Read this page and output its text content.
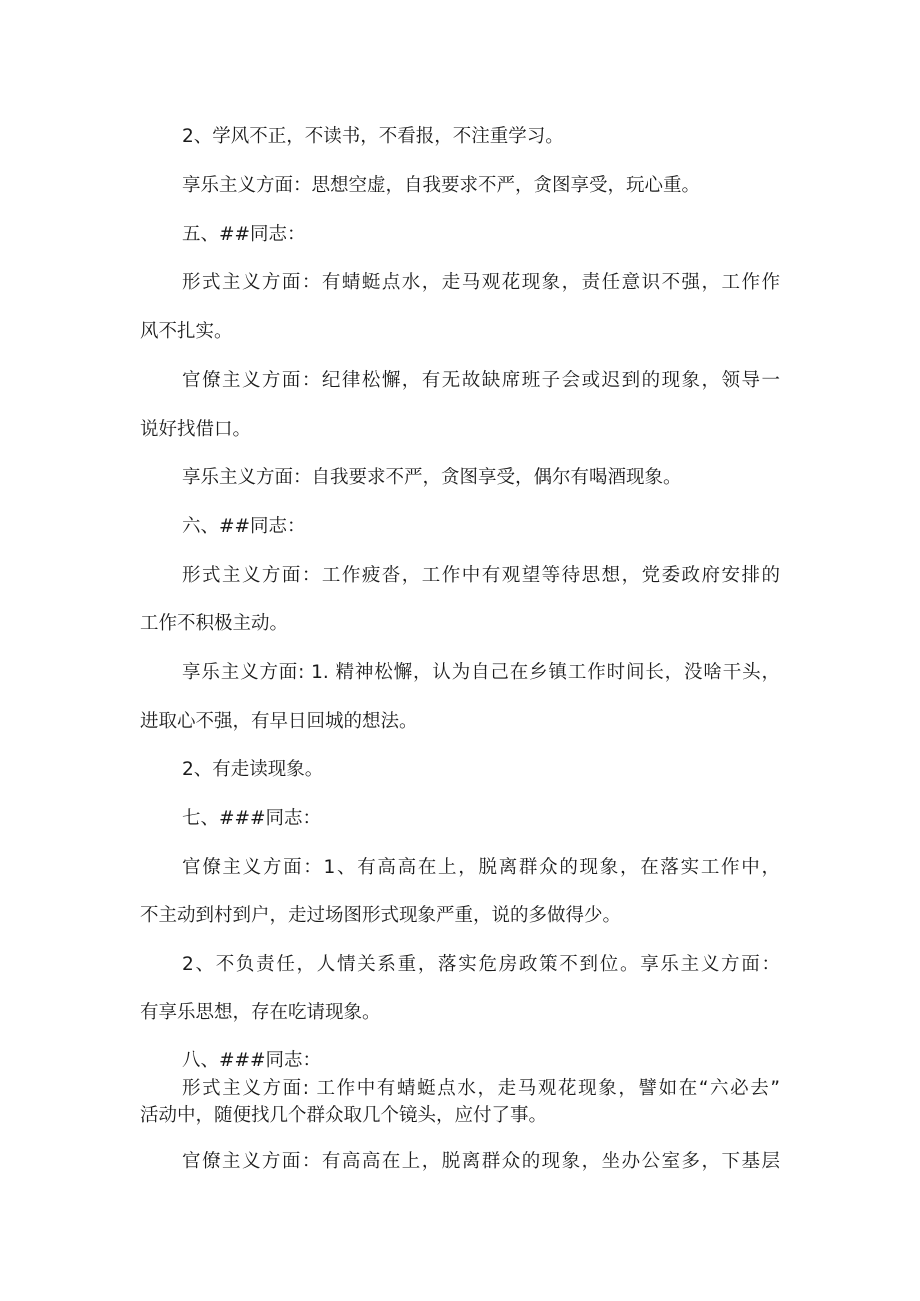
2、学风不正，不读书，不看报，不注重学习。
享乐主义方面：思想空虚，自我要求不严，贪图享受，玩心重。
五、##同志：
形式主义方面：有蜻蜓点水，走马观花现象，责任意识不强，工作作
风不扎实。
官僚主义方面：纪律松懈，有无故缺席班子会或迟到的现象，领导一
说好找借口。
享乐主义方面：自我要求不严，贪图享受，偶尔有喝酒现象。
六、##同志：
形式主义方面：工作疲沓，工作中有观望等待思想，党委政府安排的
工作不积极主动。
享乐主义方面: 1. 精神松懈，认为自己在乡镇工作时间长，没啥干头，
进取心不强，有早日回城的想法。
2、有走读现象。
七、###同志：
官僚主义方面：1、有高高在上，脱离群众的现象，在落实工作中，
不主动到村到户，走过场图形式现象严重，说的多做得少。
2、不负责任，人情关系重，落实危房政策不到位。享乐主义方面：
有享乐思想，存在吃请现象。
八、###同志：
形式主义方面: 工作中有蜻蜓点水，走马观花现象，譬如在“六必去”
活动中，随便找几个群众取几个镜头，应付了事。
官僚主义方面：有高高在上，脱离群众的现象，坐办公室多，下基层
